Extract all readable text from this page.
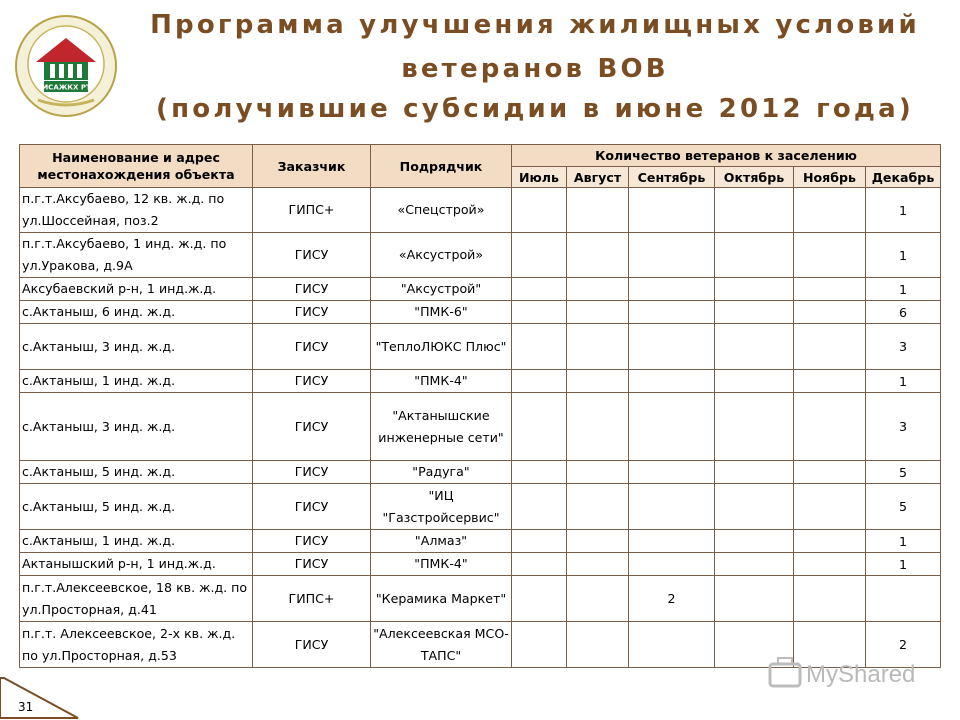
МСАЖКХ РТ
Программа улучшения жилищных условий
ветеранов ВОВ
(получившие субсидии в июне 2012 года)
Наименование и адрес местонахождения объекта	Заказчик	Подрядчик	Количество ветеранов к заселению					
			Июль	Август	Сентябрь	Октябрь	Ноябрь	Декабрь
п.г.т.Аксубаево, 12 кв. ж.д. по ул.Шоссейная, поз.2	ГИПС+	«Спецстрой»						1
п.г.т.Аксубаево, 1 инд. ж.д. по ул.Уракова, д.9А	ГИСУ	«Аксустрой»						1
Аксубаевский р-н, 1 инд.ж.д.	ГИСУ	"Аксустрой"						1
с.Актаныш, 6 инд. ж.д.	ГИСУ	"ПМК-6"						6
с.Актаныш, 3 инд. ж.д.	ГИСУ	"ТеплоЛЮКС Плюс"						3
с.Актаныш, 1 инд. ж.д.	ГИСУ	"ПМК-4"						1
с.Актаныш, 3 инд. ж.д.	ГИСУ	"Актанышские инженерные сети"						3
с.Актаныш, 5 инд. ж.д.	ГИСУ	"Радуга"						5
с.Актаныш, 5 инд. ж.д.	ГИСУ	"ИЦ "Газстройсервис"						5
с.Актаныш, 1 инд. ж.д.	ГИСУ	"Алмаз"						1
Актанышский р-н, 1 инд.ж.д.	ГИСУ	"ПМК-4"						1
п.г.т.Алексеевское, 18 кв. ж.д. по ул.Просторная, д.41	ГИПС+	"Керамика Маркет"			2			
п.г.т. Алексеевское, 2-х кв. ж.д. по ул.Просторная, д.53	ГИСУ	"Алексеевская МСО-ТАПС"						2
31
MyShared
